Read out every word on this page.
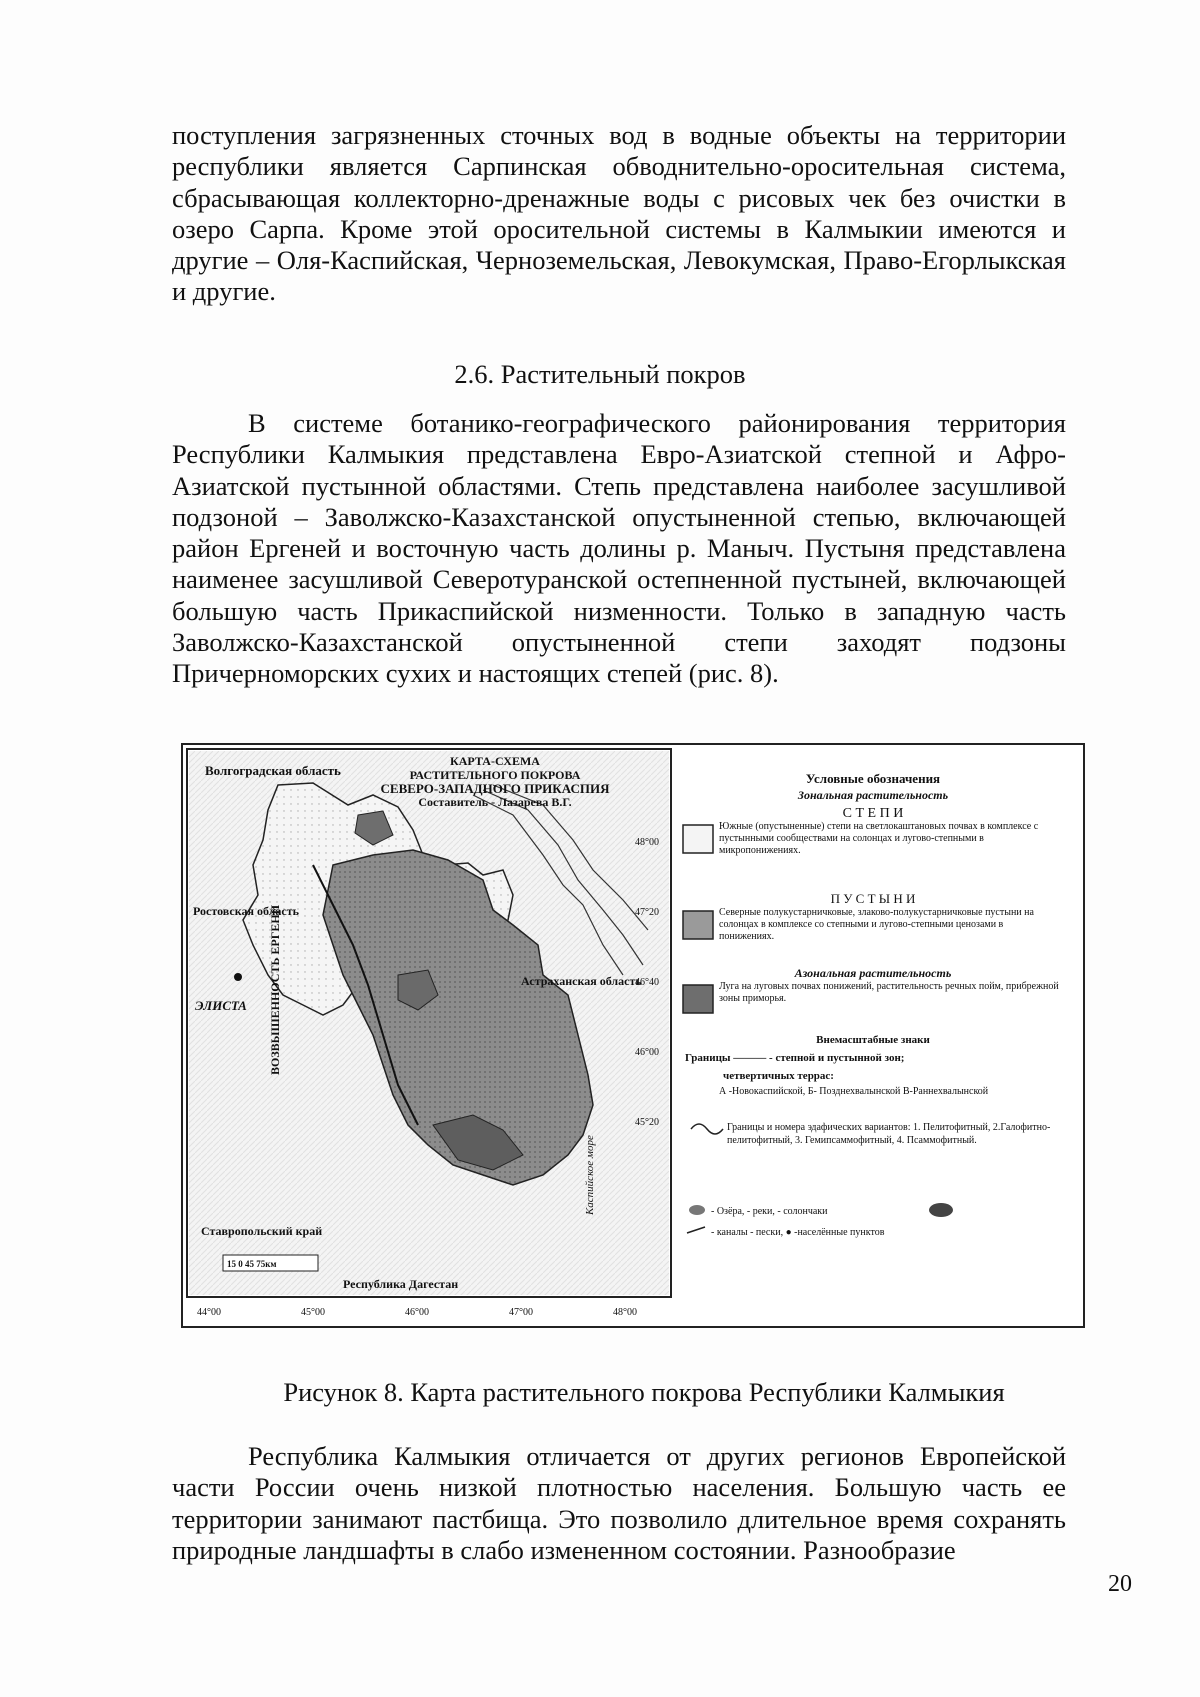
поступления загрязненных сточных вод в водные объекты на территории республики является Сарпинская обводнительно-оросительная система, сбрасывающая коллекторно-дренажные воды с рисовых чек без очистки в озеро Сарпа. Кроме этой оросительной системы в Калмыкии имеются и другие – Оля-Каспийская, Черноземельская, Левокумская, Право-Егорлыкская и другие.

2.6. Растительный покров

В системе ботанико-географического районирования территория Республики Калмыкия представлена Евро-Азиатской степной и Афро-Азиатской пустынной областями. Степь представлена наиболее засушливой подзоной – Заволжско-Казахстанской опустыненной степью, включающей район Ергеней и восточную часть долины р. Маныч. Пустыня представлена наименее засушливой Северотуранской остепненной пустыней, включающей большую часть Прикаспийской низменности. Только в западную часть Заволжско-Казахстанской опустыненной степи заходят подзоны Причерноморских сухих и настоящих степей (рис. 8).

Волгоградская область
КАРТА-СХЕМА
РАСТИТЕЛЬНОГО ПОКРОВА
СЕВЕРО-ЗАПАДНОГО ПРИКАСПИЯ
Составитель - Лазарева В.Г.
Ростовская область
ЭЛИСТА
Астраханская область
Ставропольский край
Республика Дагестан
ВОЗВЫШЕННОСТЬ ЕРГЕНИ
Каспийское море
15 0 45 75км
44°00	45°00	46°00	47°00	48°00
48°00
47°20
46°40
46°00
45°20
Условные обозначения
Зональная растительность
С Т Е П И
Южные (опустыненные) степи на светлокаштановых почвах в комплексе с пустынными сообществами на солонцах и лугово-степными в микропонижениях.
П У С Т Ы Н И
Северные полукустарничковые, злаково-полукустарничковые пустыни на солонцах в комплексе со степными и лугово-степными ценозами в понижениях.
Азональная растительность
Луга на луговых почвах понижений, растительность речных пойм, прибрежной зоны приморья.
Внемасштабные знаки
Границы ——— - степной и пустынной зон;
четвертичных террас:
А -Новокаспийской, Б- Позднехвалынской В-Раннехвалынской
Границы и номера эдафических вариантов: 1. Пелитофитный, 2.Галофитно-пелитофитный, 3. Гемипсаммофитный, 4. Псаммофитный.
- Озёра, - реки, - солончаки
- каналы - пески, ● -населённые пунктов

Рисунок 8. Карта растительного покрова Республики Калмыкия

Республика Калмыкия отличается от других регионов Европейской части России очень низкой плотностью населения. Большую часть ее территории занимают пастбища. Это позволило длительное время сохранять природные ландшафты в слабо измененном состоянии. Разнообразие

20
